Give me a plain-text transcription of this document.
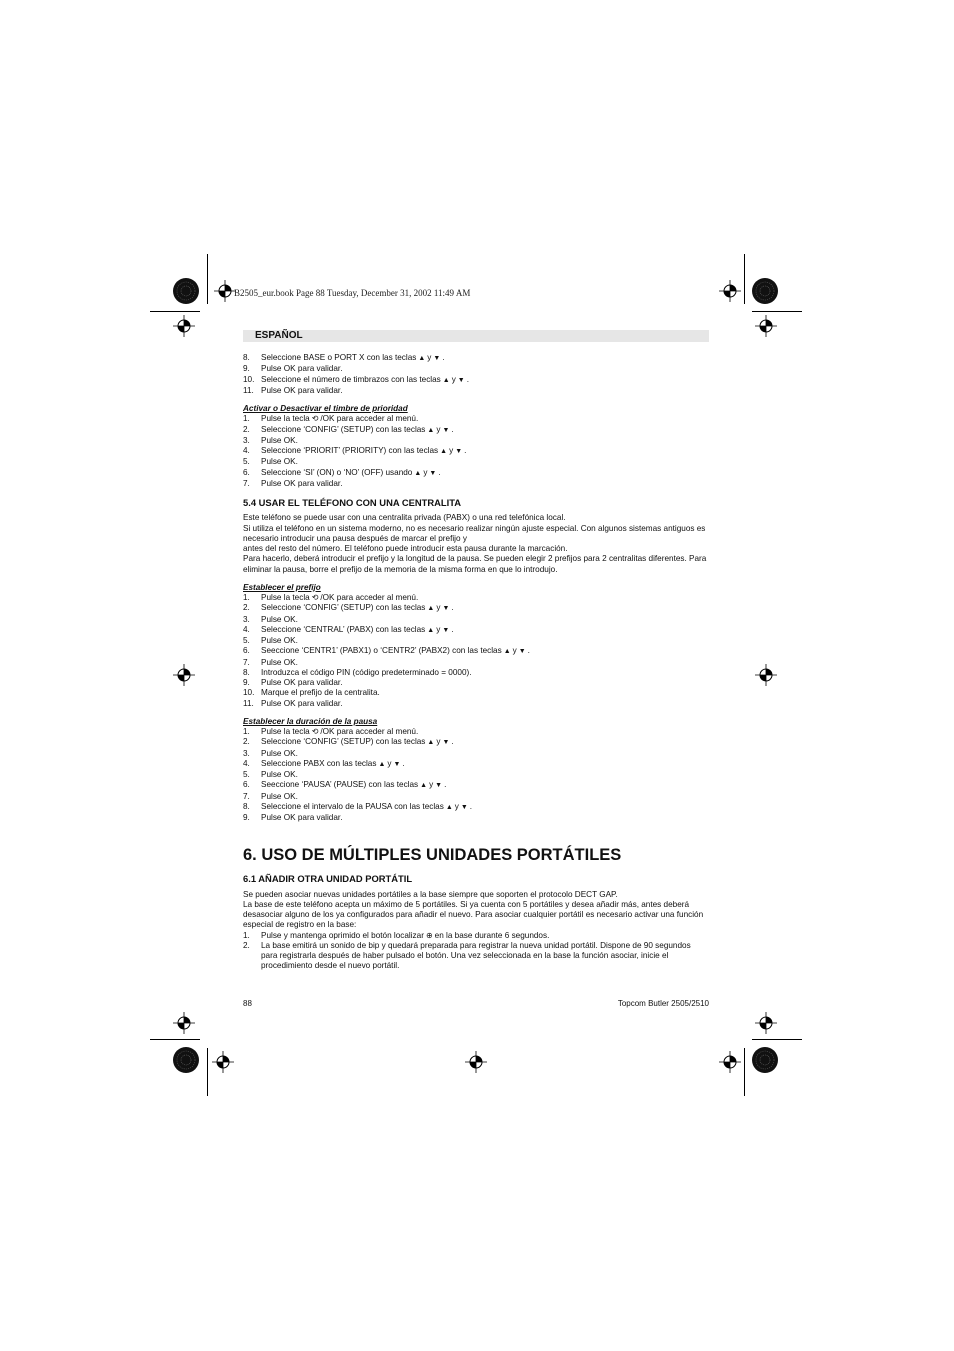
B2505_eur.book Page 88 Tuesday, December 31, 2002 11:49 AM
ESPAÑOL
8.	Seleccione BASE o PORT X con las teclas ▲ y ▼ .
9.	Pulse OK para validar.
10. Seleccione el número de timbrazos con las teclas ▲ y ▼ .
11. Pulse OK para validar.
Activar o Desactivar el timbre de prioridad
1.	Pulse la tecla ⟲ /OK para acceder al menú.
2.	Seleccione ‘CONFIG’ (SETUP) con las teclas ▲ y ▼ .
3.	Pulse OK.
4.	Seleccione ‘PRIORIT’ (PRIORITY) con las teclas ▲ y ▼ .
5.	Pulse OK.
6.	Seleccione ‘SI’ (ON) o ‘NO’ (OFF) usando ▲ y ▼ .
7.	Pulse OK para validar.
5.4 USAR EL TELÉFONO CON UNA CENTRALITA
Este teléfono se puede usar con una centralita privada (PABX) o una red telefónica local.
Si utiliza el teléfono en un sistema moderno, no es necesario realizar ningún ajuste especial. Con algunos sistemas antiguos es necesario introducir una pausa después de marcar el prefijo y
antes del resto del número. El teléfono puede introducir esta pausa durante la marcación.
Para hacerlo, deberá introducir el prefijo y la longitud de la pausa. Se pueden elegir 2 prefijos para 2 centralitas diferentes. Para eliminar la pausa, borre el prefijo de la memoria de la misma forma en que lo introdujo.
Establecer el prefijo
1.	Pulse la tecla ⟲ /OK para acceder al menú.
2.	Seleccione ‘CONFIG’ (SETUP) con las teclas ▲ y ▼ .
3.	Pulse OK.
4.	Seleccione ‘CENTRAL’ (PABX) con las teclas ▲ y ▼ .
5.	Pulse OK.
6.	Seeccione ‘CENTR1’ (PABX1) o ‘CENTR2’ (PABX2) con las teclas ▲ y ▼ .
7.	Pulse OK.
8.	Introduzca el código PIN (código predeterminado = 0000).
9.	Pulse OK para validar.
10. Marque el prefijo de la centralita.
11. Pulse OK para validar.
Establecer la duración de la pausa
1.	Pulse la tecla ⟲ /OK para acceder al menú.
2.	Seleccione ‘CONFIG’ (SETUP) con las teclas ▲ y ▼ .
3.	Pulse OK.
4.	Seleccione PABX con las teclas ▲ y ▼ .
5.	Pulse OK.
6.	Seeccione ‘PAUSA’ (PAUSE) con las teclas ▲ y ▼ .
7.	Pulse OK.
8.	Seleccione el intervalo de la PAUSA con las teclas ▲ y ▼ .
9.	Pulse OK para validar.
6. USO DE MÚLTIPLES UNIDADES PORTÁTILES
6.1 AÑADIR OTRA UNIDAD PORTÁTIL
Se pueden asociar nuevas unidades portátiles a la base siempre que soporten el protocolo DECT GAP.
La base de este teléfono acepta un máximo de 5 portátiles. Si ya cuenta con 5 portátiles y desea añadir más, antes deberá desasociar alguno de los ya configurados para añadir el nuevo. Para asociar cualquier portátil es necesario activar una función especial de registro en la base:
1.	Pulse y mantenga oprimido el botón localizar ⊕ en la base durante 6 segundos.
2.	La base emitirá un sonido de bip y quedará preparada para registrar la nueva unidad portátil. Dispone de 90 segundos para registrarla después de haber pulsado el botón. Una vez seleccionada en la base la función asociar, inicie el procedimiento desde el nuevo portátil.
88	Topcom Butler 2505/2510
